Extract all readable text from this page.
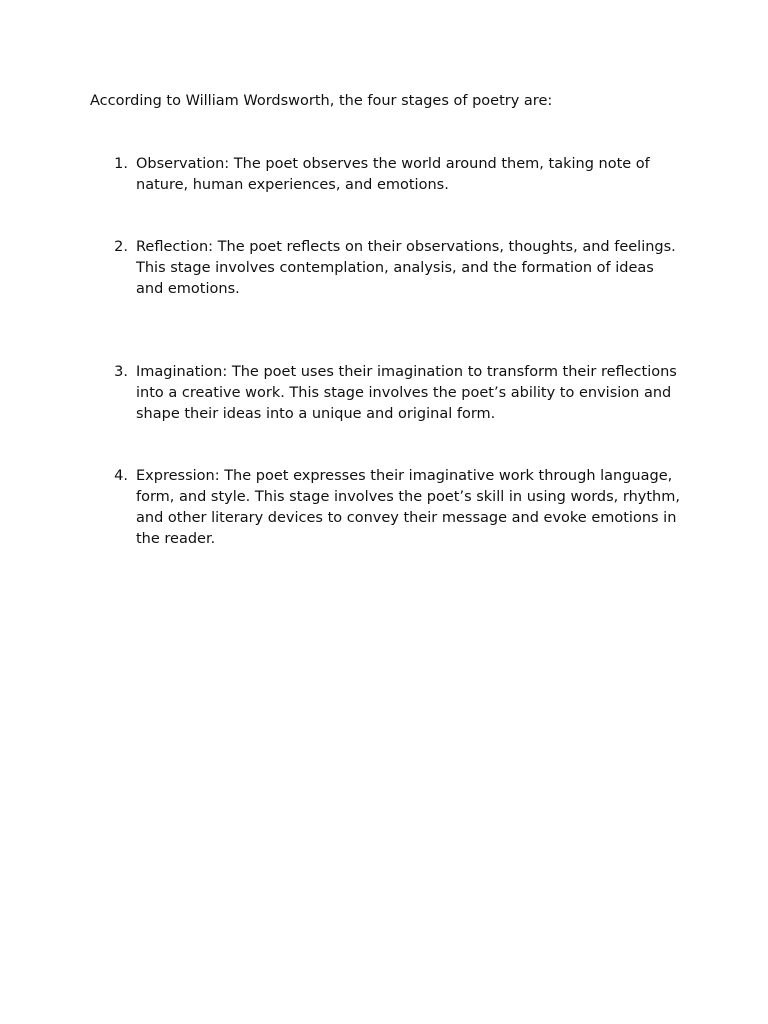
According to William Wordsworth, the four stages of poetry are:

1. Observation: The poet observes the world around them, taking note of nature, human experiences, and emotions.
2. Reflection: The poet reflects on their observations, thoughts, and feelings. This stage involves contemplation, analysis, and the formation of ideas and emotions.
3. Imagination: The poet uses their imagination to transform their reflections into a creative work. This stage involves the poet’s ability to envision and shape their ideas into a unique and original form.
4. Expression: The poet expresses their imaginative work through language, form, and style. This stage involves the poet’s skill in using words, rhythm, and other literary devices to convey their message and evoke emotions in the reader.
